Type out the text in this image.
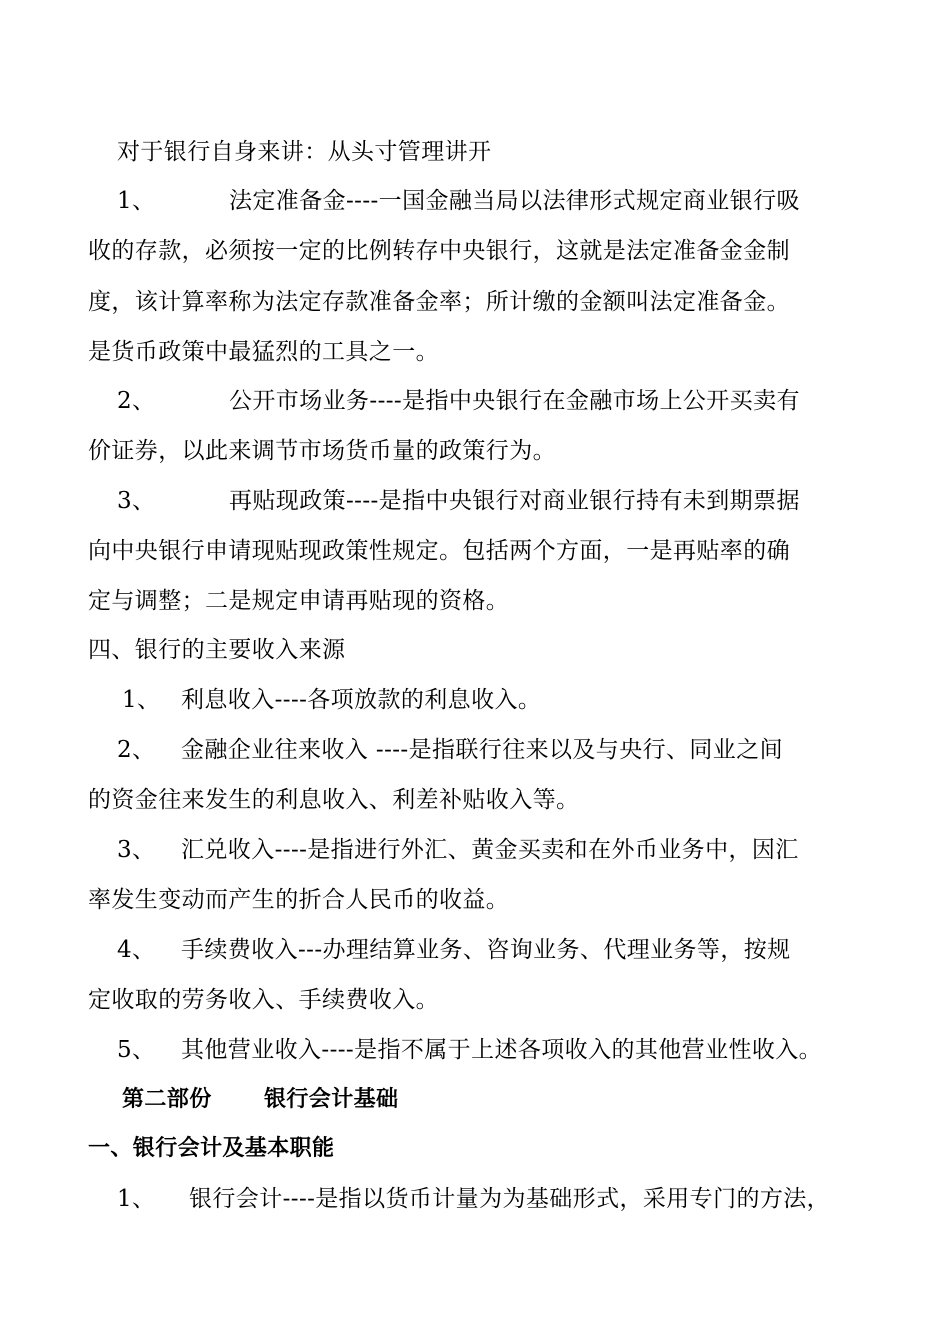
对于银行自身来讲：从头寸管理讲开
1、	法定准备金----一国金融当局以法律形式规定商业银行吸
收的存款，必须按一定的比例转存中央银行，这就是法定准备金金制
度，该计算率称为法定存款准备金率；所计缴的金额叫法定准备金。
是货币政策中最猛烈的工具之一。
2、	公开市场业务----是指中央银行在金融市场上公开买卖有
价证券，以此来调节市场货币量的政策行为。
3、	再贴现政策----是指中央银行对商业银行持有未到期票据
向中央银行申请现贴现政策性规定。包括两个方面，一是再贴率的确
定与调整；二是规定申请再贴现的资格。
四、银行的主要收入来源
1、 利息收入----各项放款的利息收入。
2、 金融企业往来收入 ----是指联行往来以及与央行、同业之间
的资金往来发生的利息收入、利差补贴收入等。
3、 汇兑收入----是指进行外汇、黄金买卖和在外币业务中，因汇
率发生变动而产生的折合人民币的收益。
4、 手续费收入---办理结算业务、咨询业务、代理业务等，按规
定收取的劳务收入、手续费收入。
5、 其他营业收入----是指不属于上述各项收入的其他营业性收入。
第二部份 银行会计基础
一、银行会计及基本职能
1、 银行会计----是指以货币计量为为基础形式，采用专门的方法，
